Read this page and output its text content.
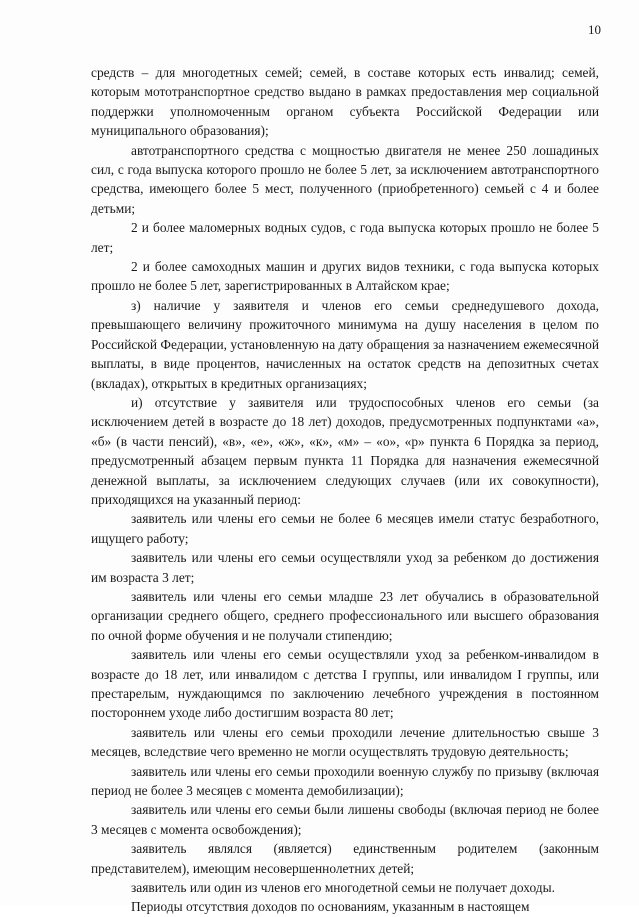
10

средств – для многодетных семей; семей, в составе которых есть инвалид; семей, которым мототранспортное средство выдано в рамках предоставления мер социальной поддержки уполномоченным органом субъекта Российской Федерации или муниципального образования);

автотранспортного средства с мощностью двигателя не менее 250 лошадиных сил, с года выпуска которого прошло не более 5 лет, за исключением автотранспортного средства, имеющего более 5 мест, полученного (приобретенного) семьей с 4 и более детьми;

2 и более маломерных водных судов, с года выпуска которых прошло не более 5 лет;

2 и более самоходных машин и других видов техники, с года выпуска которых прошло не более 5 лет, зарегистрированных в Алтайском крае;

з) наличие у заявителя и членов его семьи среднедушевого дохода, превышающего величину прожиточного минимума на душу населения в целом по Российской Федерации, установленную на дату обращения за назначением ежемесячной выплаты, в виде процентов, начисленных на остаток средств на депозитных счетах (вкладах), открытых в кредитных организациях;

и) отсутствие у заявителя или трудоспособных членов его семьи (за исключением детей в возрасте до 18 лет) доходов, предусмотренных подпунктами «а», «б» (в части пенсий), «в», «е», «ж», «к», «м» – «о», «р» пункта 6 Порядка за период, предусмотренный абзацем первым пункта 11 Порядка для назначения ежемесячной денежной выплаты, за исключением следующих случаев (или их совокупности), приходящихся на указанный период:

заявитель или члены его семьи не более 6 месяцев имели статус безработного, ищущего работу;

заявитель или члены его семьи осуществляли уход за ребенком до достижения им возраста 3 лет;

заявитель или члены его семьи младше 23 лет обучались в образовательной организации среднего общего, среднего профессионального или высшего образования по очной форме обучения и не получали стипендию;

заявитель или члены его семьи осуществляли уход за ребенком-инвалидом в возрасте до 18 лет, или инвалидом с детства I группы, или инвалидом I группы, или престарелым, нуждающимся по заключению лечебного учреждения в постоянном постороннем уходе либо достигшим возраста 80 лет;

заявитель или члены его семьи проходили лечение длительностью свыше 3 месяцев, вследствие чего временно не могли осуществлять трудовую деятельность;

заявитель или члены его семьи проходили военную службу по призыву (включая период не более 3 месяцев с момента демобилизации);

заявитель или члены его семьи были лишены свободы (включая период не более 3 месяцев с момента освобождения);

заявитель являлся (является) единственным родителем (законным представителем), имеющим несовершеннолетних детей;

заявитель или один из членов его многодетной семьи не получает доходы.

Периоды отсутствия доходов по основаниям, указанным в настоящем
